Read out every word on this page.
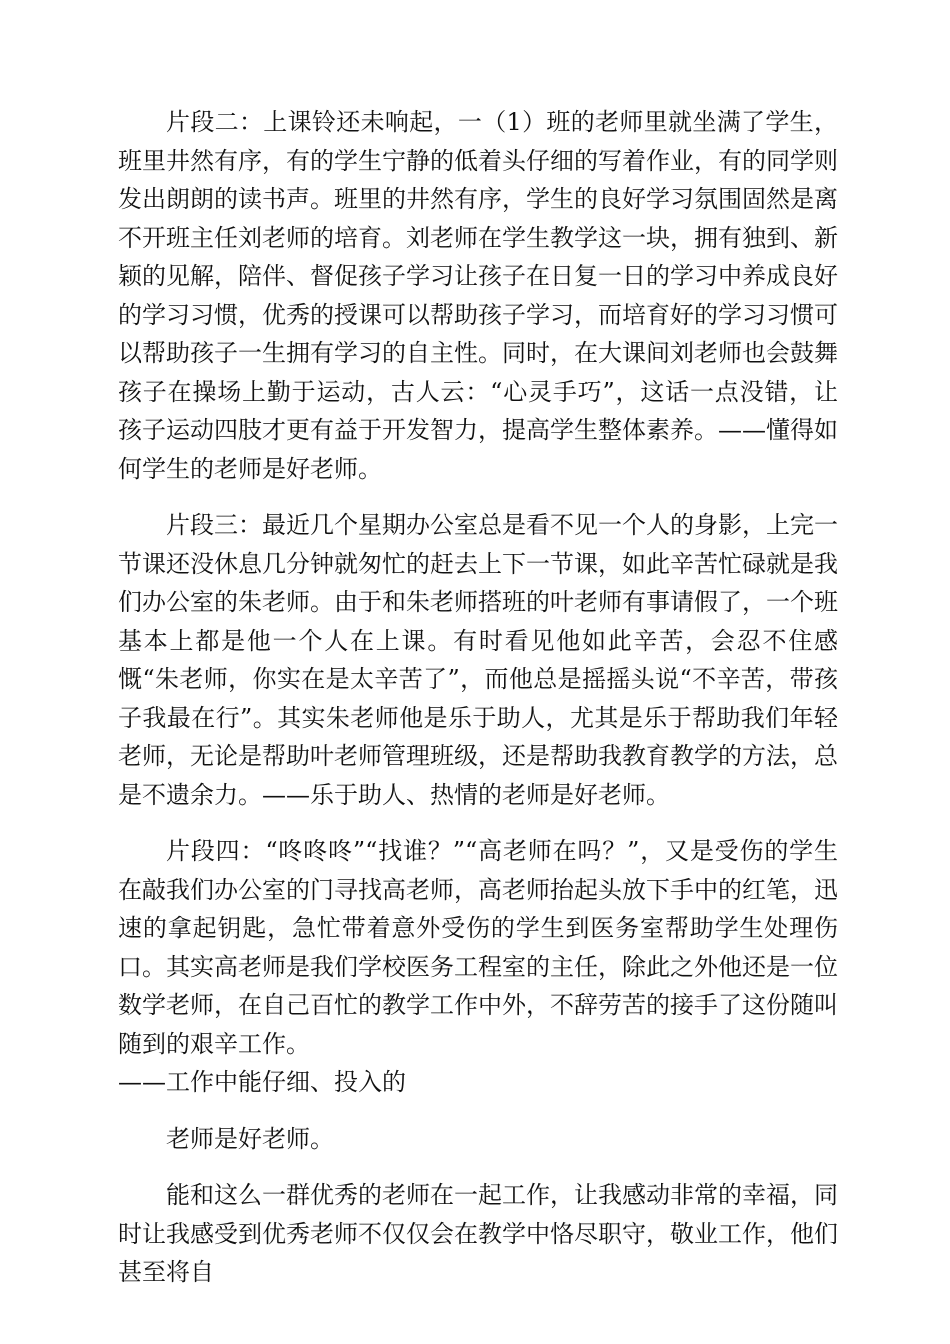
片段二：上课铃还未响起，一（1）班的老师里就坐满了学生，班里井然有序，有的学生宁静的低着头仔细的写着作业，有的同学则发出朗朗的读书声。班里的井然有序，学生的良好学习氛围固然是离不开班主任刘老师的培育。刘老师在学生教学这一块，拥有独到、新颖的见解，陪伴、督促孩子学习让孩子在日复一日的学习中养成良好的学习习惯，优秀的授课可以帮助孩子学习，而培育好的学习习惯可以帮助孩子一生拥有学习的自主性。同时，在大课间刘老师也会鼓舞孩子在操场上勤于运动，古人云：“心灵手巧”，这话一点没错，让孩子运动四肢才更有益于开发智力，提高学生整体素养。——懂得如何学生的老师是好老师。

片段三：最近几个星期办公室总是看不见一个人的身影，上完一节课还没休息几分钟就匆忙的赶去上下一节课，如此辛苦忙碌就是我们办公室的朱老师。由于和朱老师搭班的叶老师有事请假了，一个班基本上都是他一个人在上课。有时看见他如此辛苦，会忍不住感慨“朱老师，你实在是太辛苦了”，而他总是摇摇头说“不辛苦，带孩子我最在行”。其实朱老师他是乐于助人，尤其是乐于帮助我们年轻老师，无论是帮助叶老师管理班级，还是帮助我教育教学的方法，总是不遗余力。——乐于助人、热情的老师是好老师。

片段四：“咚咚咚”“找谁？”“高老师在吗？”，又是受伤的学生在敲我们办公室的门寻找高老师，高老师抬起头放下手中的红笔，迅速的拿起钥匙，急忙带着意外受伤的学生到医务室帮助学生处理伤口。其实高老师是我们学校医务工程室的主任，除此之外他还是一位数学老师，在自己百忙的教学工作中外，不辞劳苦的接手了这份随叫随到的艰辛工作。

——工作中能仔细、投入的

老师是好老师。

能和这么一群优秀的老师在一起工作，让我感动非常的幸福，同时让我感受到优秀老师不仅仅会在教学中恪尽职守，敬业工作，他们甚至将自
